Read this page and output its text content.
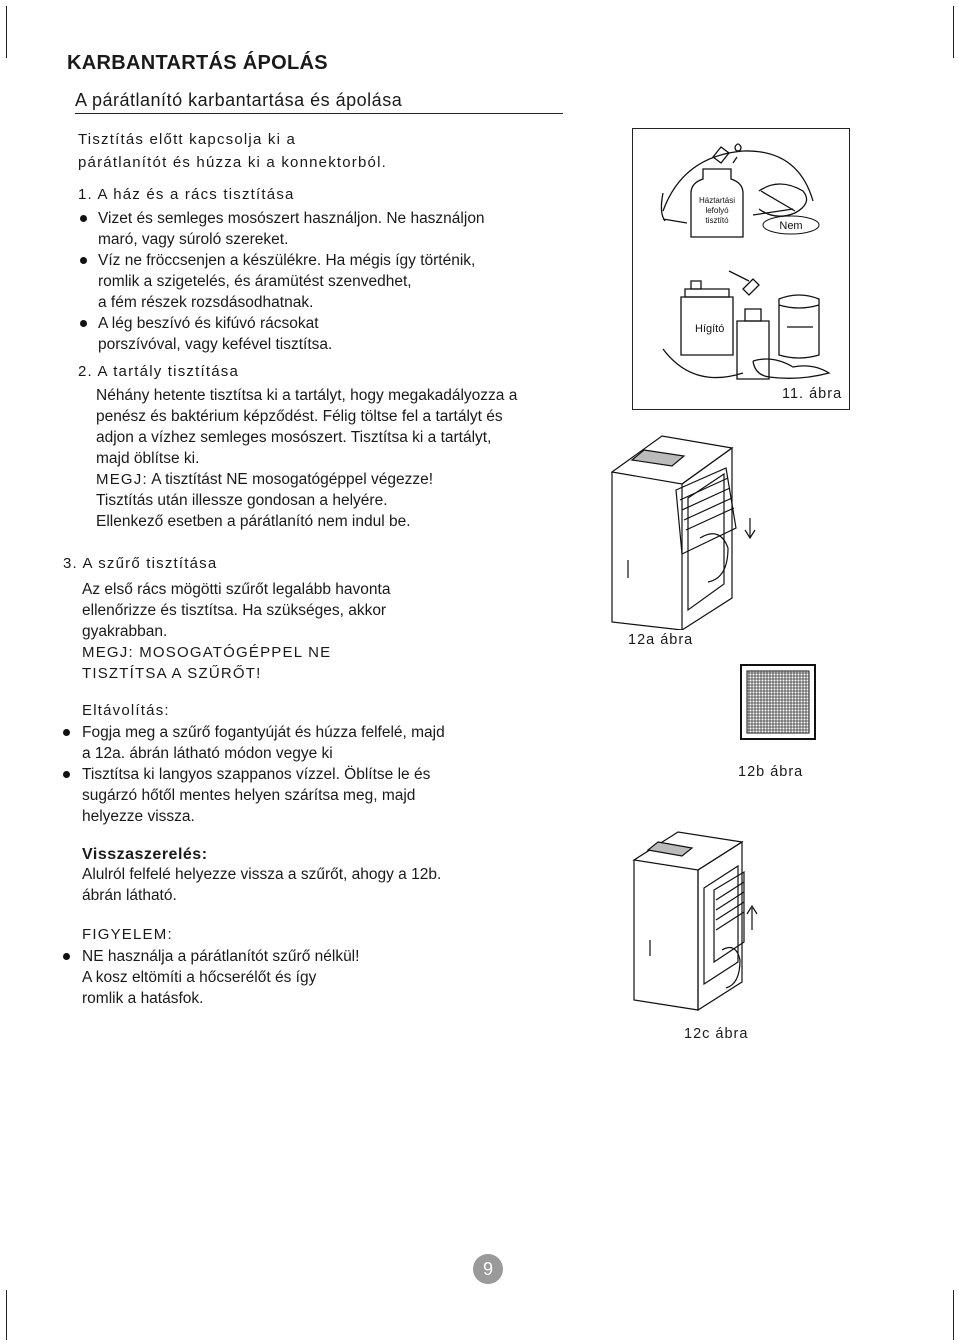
KARBANTARTÁS ÁPOLÁS
A párátlanító karbantartása és ápolása
Tisztítás előtt kapcsolja ki a
párátlanítót és húzza ki a konnektorból.
1. A ház és a rács tisztítása
Vizet és semleges mosószert használjon. Ne használjon
maró, vagy súroló szereket.
Víz ne fröccsenjen a készülékre. Ha mégis így történik,
romlik a szigetelés, és áramütést szenvedhet,
a fém részek rozsdásodhatnak.
A lég beszívó és kifúvó rácsokat
porszívóval, vagy kefével tisztítsa.
2. A tartály tisztítása
Néhány hetente tisztítsa ki a tartályt, hogy megakadályozza a
penész és baktérium képződést. Félig töltse fel a tartályt és
adjon a vízhez semleges mosószert. Tisztítsa ki a tartályt,
majd öblítse ki.
MEGJ: A tisztítást NE mosogatógéppel végezze!
Tisztítás után illessze gondosan a helyére.
Ellenkező esetben a párátlanító nem indul be.
3. A szűrő tisztítása
Az első rács mögötti szűrőt legalább havonta
ellenőrizze és tisztítsa. Ha szükséges, akkor
gyakrabban.
MEGJ: MOSOGATÓGÉPPEL NE
TISZTÍTSA A SZŰRŐT!
Eltávolítás:
Fogja meg a szűrő fogantyúját és húzza felfelé, majd
a 12a. ábrán látható módon vegye ki
Tisztítsa ki langyos szappanos vízzel. Öblítse le és
sugárzó hőtől mentes helyen szárítsa meg, majd
helyezze vissza.
Visszaszerelés:
Alulról felfelé helyezze vissza a szűrőt, ahogy a 12b.
ábrán látható.
FIGYELEM:
NE használja a párátlanítót szűrő nélkül!
A kosz eltömíti a hőcserélőt és így
romlik a hatásfok.
Háztartási
lefolyó
tisztító	Nem
Hígító
11. ábra
12a ábra
12b ábra
12c ábra
9
